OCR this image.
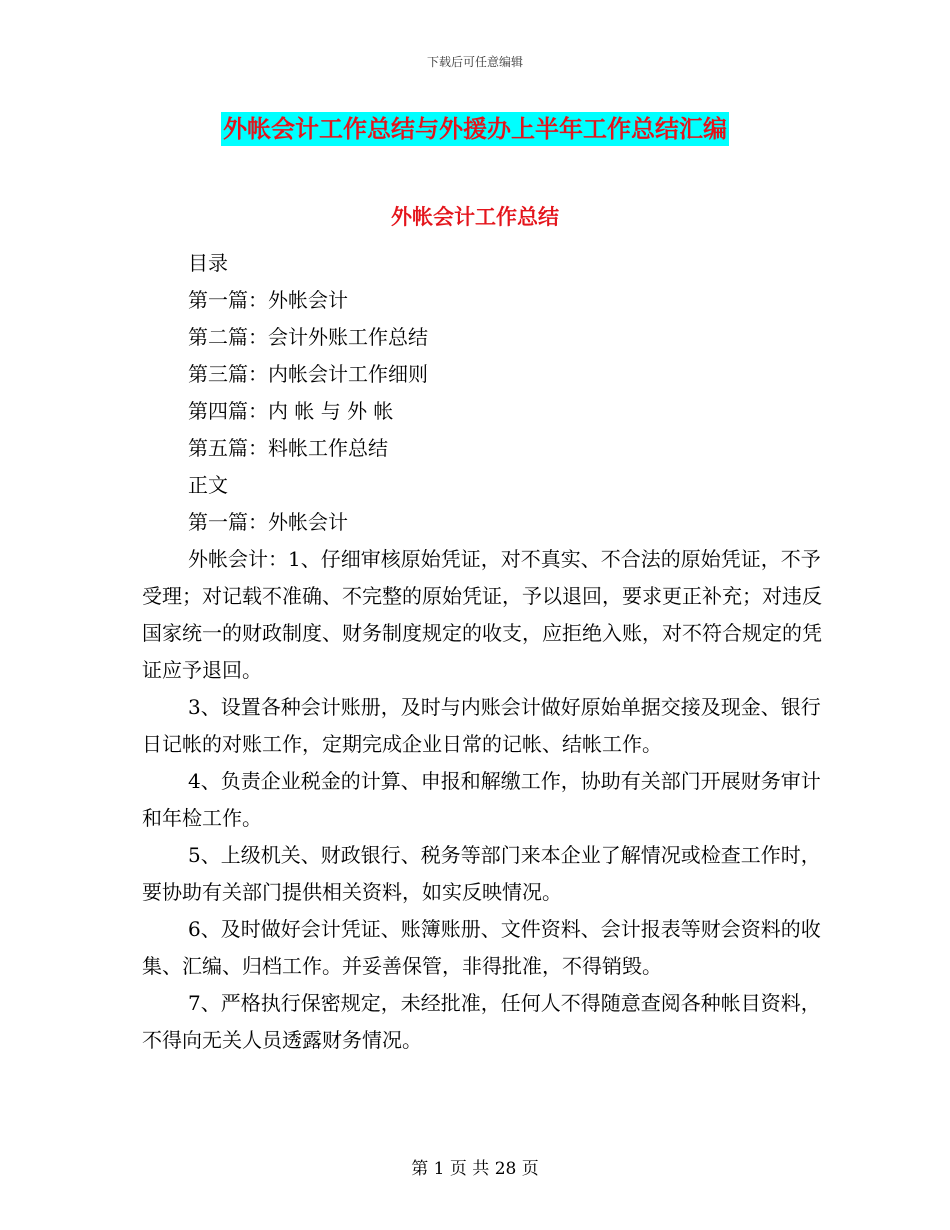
下载后可任意编辑
外帐会计工作总结与外援办上半年工作总结汇编
外帐会计工作总结
目录
第一篇：外帐会计
第二篇：会计外账工作总结
第三篇：内帐会计工作细则
第四篇：内 帐 与 外 帐
第五篇：料帐工作总结
正文
第一篇：外帐会计

外帐会计：1、仔细审核原始凭证，对不真实、不合法的原始凭证，不予受理；对记载不准确、不完整的原始凭证，予以退回，要求更正补充；对违反国家统一的财政制度、财务制度规定的收支，应拒绝入账，对不符合规定的凭证应予退回。

3、设置各种会计账册，及时与内账会计做好原始单据交接及现金、银行日记帐的对账工作，定期完成企业日常的记帐、结帐工作。

4、负责企业税金的计算、申报和解缴工作，协助有关部门开展财务审计和年检工作。

5、上级机关、财政银行、税务等部门来本企业了解情况或检查工作时，要协助有关部门提供相关资料，如实反映情况。

6、及时做好会计凭证、账簿账册、文件资料、会计报表等财会资料的收集、汇编、归档工作。并妥善保管，非得批准，不得销毁。

7、严格执行保密规定，未经批准，任何人不得随意查阅各种帐目资料，不得向无关人员透露财务情况。

第 1 页 共 28 页
